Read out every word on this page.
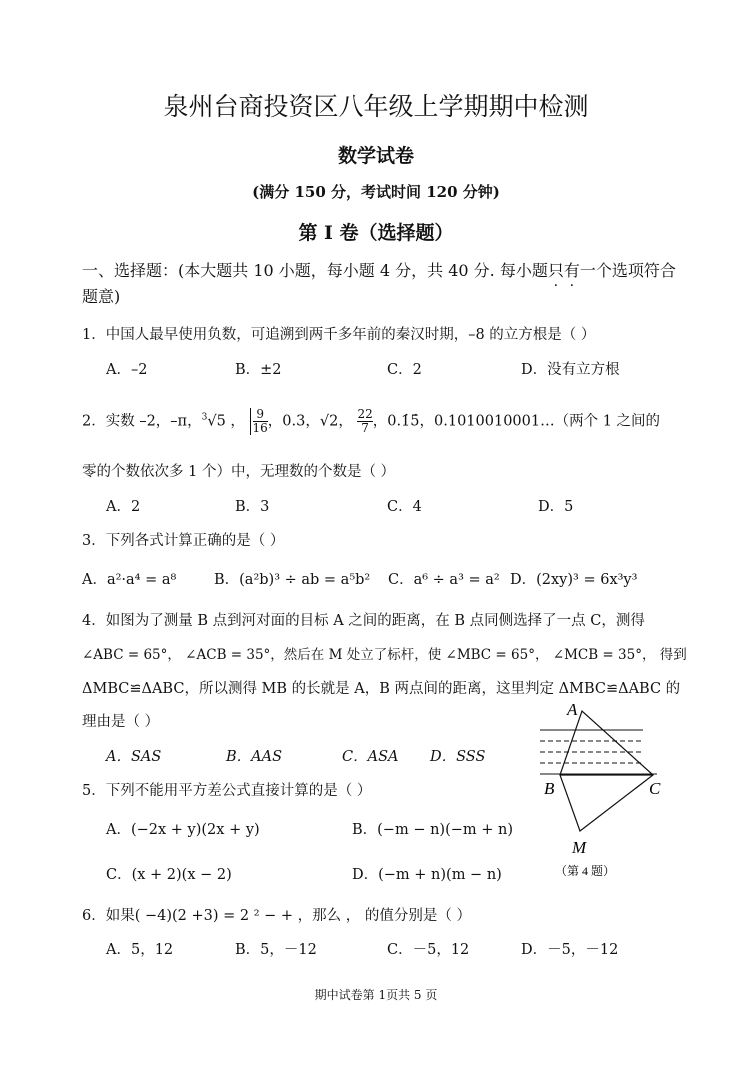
泉州台商投资区八年级上学期期中检测
数学试卷
(满分 150 分，考试时间 120 分钟)
第 I 卷（选择题）
一、选择题：(本大题共 10 小题，每小题 4 分，共 40 分. 每小题只有一个选项符合题意)
1．中国人最早使用负数，可追溯到两千多年前的秦汉时期，–8 的立方根是（ ）
A．–2	B．±2	C．2	D．没有立方根
2．实数 –2，–π，$^3$√5 ， $\frac{9}{16}$ ，0.3，√2， $\frac{22}{7}$ ，0.1̇5̇，0.1010010001…（两个 1 之间的
零的个数依次多 1 个）中，无理数的个数是（ ）
A．2	B．3	C．4	D．5
3．下列各式计算正确的是（ ）
A．a²·a⁴ = a⁸	B．(a²b)³ ÷ ab = a⁵b² C．a⁶ ÷ a³ = a² D．(2xy)³ = 6x³y³
4．如图为了测量 B 点到河对面的目标 A 之间的距离，在 B 点同侧选择了一点 C，测得
∠ABC = 65°， ∠ACB = 35°，然后在 M 处立了标杆，使 ∠MBC = 65°， ∠MCB = 35°， 得到
ΔMBC≌ΔABC，所以测得 MB 的长就是 A，B 两点间的距离，这里判定 ΔMBC≌ΔABC 的
理由是（ ）
A．SAS	B．AAS	C．ASA D．SSS
A
B	C
M
（第 4 题）
5．下列不能用平方差公式直接计算的是（ ）
A．(−2x + y)(2x + y)	B．(−m − n)(−m + n)
C．(x + 2)(x − 2)	D．(−m + n)(m − n)
6．如果( −4)(2 +3) = 2 ² − + ，那么 ， 的值分别是（ ）
A．5，12	B．5，－12	C．－5，12	D．－5，－12
期中试卷第 1页共 5 页
